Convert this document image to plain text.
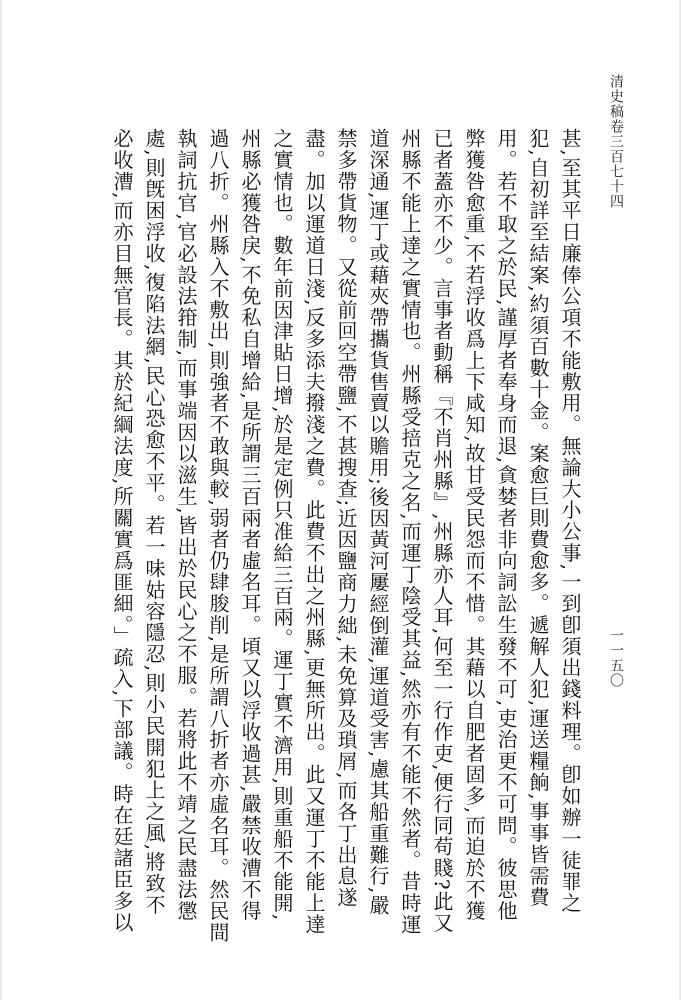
清史稿卷三百七十四
一一五〇
甚,至其平日廉俸公項不能敷用。無論大小公事,一到卽須出錢料理。卽如辦一徒罪之
犯,自初詳至結案,約須百數十金。案愈巨則費愈多。遞解人犯,運送糧餉,事事皆需費
用。若不取之於民,謹厚者奉身而退,貪婪者非向詞訟生發不可,吏治更不可問。彼思他
弊獲咎愈重,不若浮收爲上下咸知,故甘受民怨而不惜。其藉以自肥者固多,而迫於不獲
已者蓋亦不少。言事者動稱『不肖州縣』,州縣亦人耳,何至一行作吏,便行同苟賤?此又
州縣不能上達之實情也。州縣受掊克之名,而運丁陰受其益,然亦有不能不然者。昔時運
道深通,運丁或藉夾帶攜貨售賣以贍用;後因黃河屢經倒灌,運道受害,慮其船重難行,嚴
禁多帶貨物。又從前回空帶鹽,不甚搜查;近因鹽商力絀,未免算及瑣屑,而各丁出息遂
盡。加以運道日淺,反多添夫撥淺之費。此費不出之州縣,更無所出。此又運丁不能上達
之實情也。數年前因津貼日增,於是定例只准給三百兩。運丁實不濟用,則重船不能開,
州縣必獲咎戾,不免私自增給,是所謂三百兩者虛名耳。頃又以浮收過甚,嚴禁收漕不得
過八折。州縣入不敷出,則強者不敢與較,弱者仍肆朘削,是所謂八折者亦虛名耳。然民間
執詞抗官,官必設法箝制,而事端因以滋生,皆出於民心之不服。若將此不靖之民盡法懲
處,則旣困浮收,復陷法網,民心恐愈不平。若一味姑容隱忍,則小民開犯上之風,將致不
必收漕,而亦目無官長。其於紀綱法度,所關實爲匪細。」疏入,下部議。時在廷諸臣多以
